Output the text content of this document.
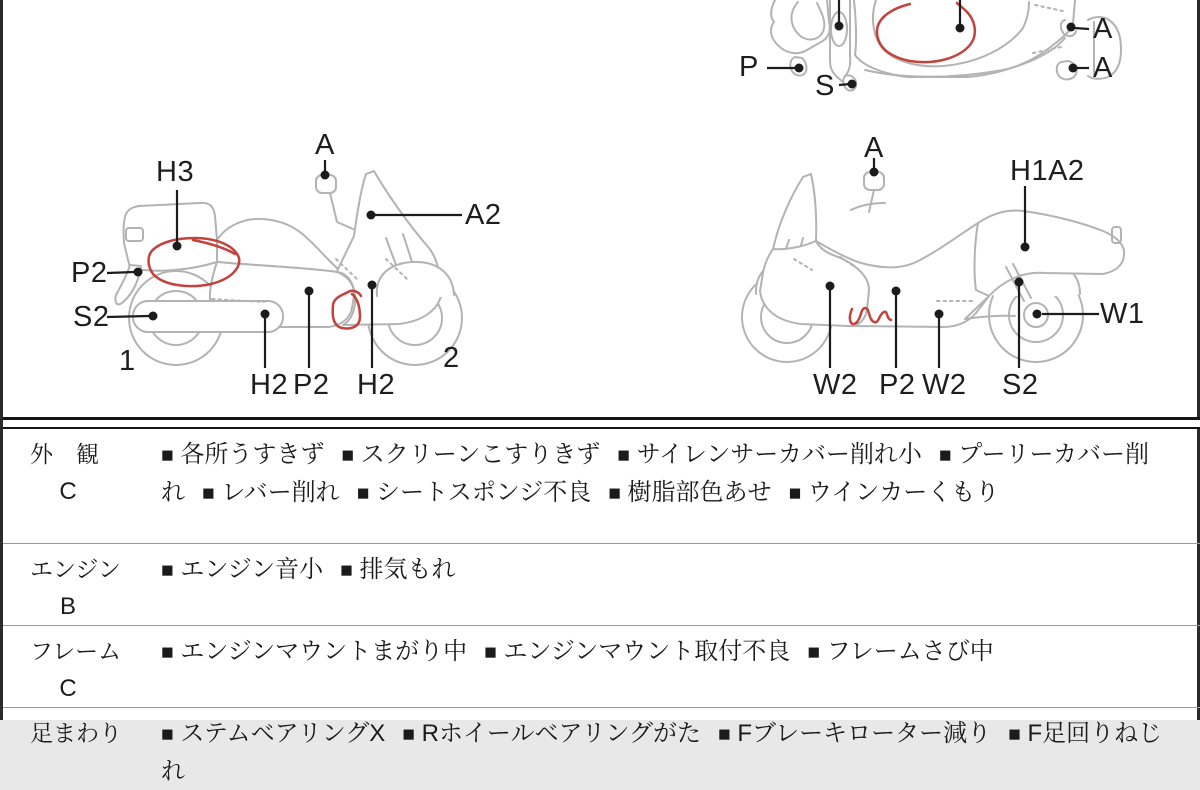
P
S
A
A
H3
A
A2
P2
S2
H2 P2 H2
1	2
A
H1A2
W1
W2 P2 W2 S2
外　観
C
■ 各所うすきず ■ スクリーンこすりきず ■ サイレンサーカバー削れ小 ■ プーリーカバー削れ ■ レバー削れ ■ シートスポンジ不良 ■ 樹脂部色あせ ■ ウインカーくもり
エンジン
B
■ エンジン音小 ■ 排気もれ
フレーム
C
■ エンジンマウントまがり中 ■ エンジンマウント取付不良 ■ フレームさび中
足まわり	■ ステムベアリングX ■ Rホイールベアリングがた ■ Fブレーキローター減り ■ F足回りねじれ
